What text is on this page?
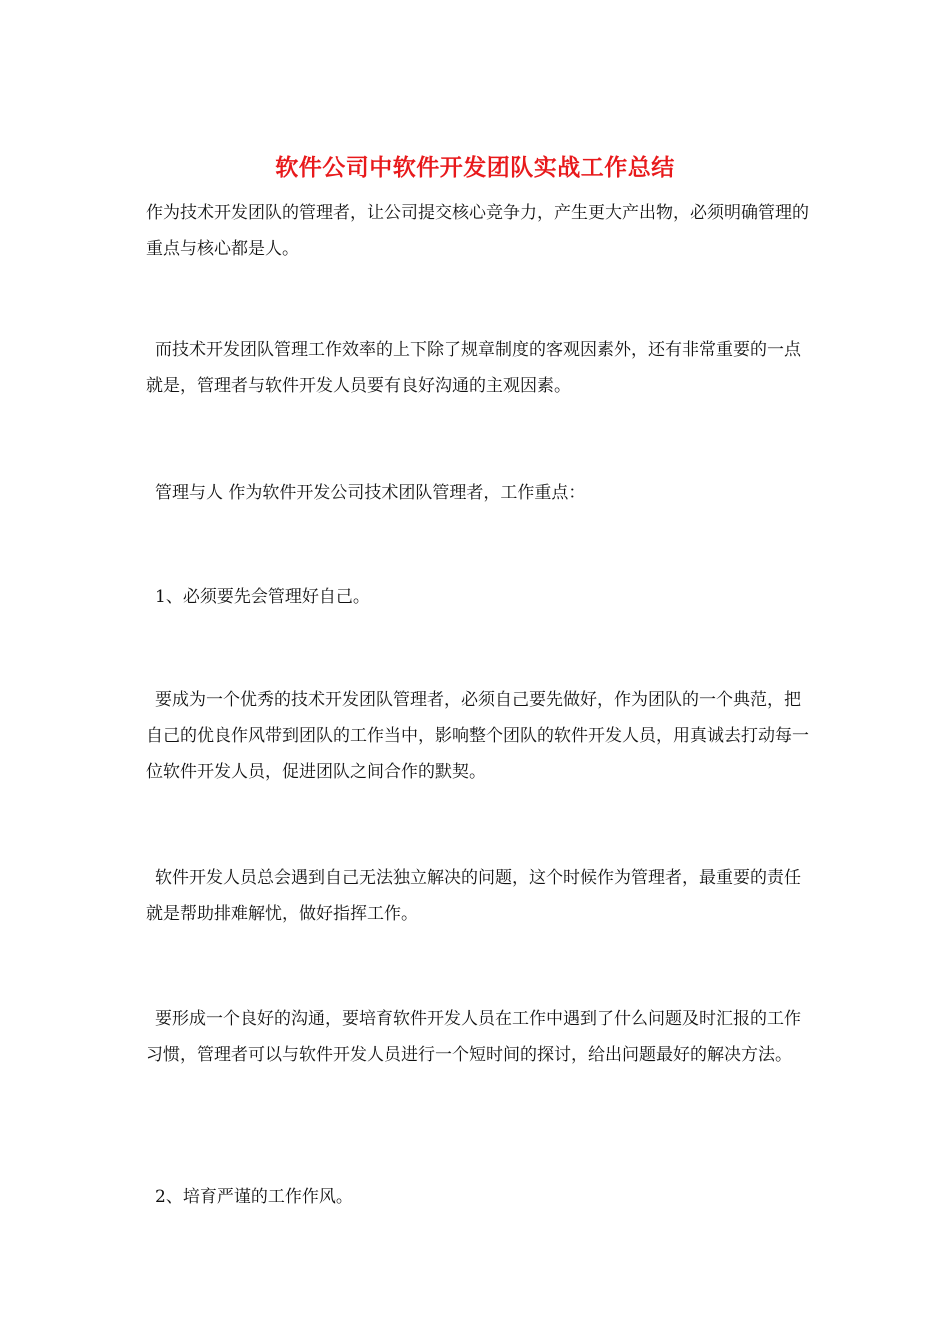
软件公司中软件开发团队实战工作总结

作为技术开发团队的管理者，让公司提交核心竞争力，产生更大产出物，必须明确管理的重点与核心都是人。

而技术开发团队管理工作效率的上下除了规章制度的客观因素外，还有非常重要的一点就是，管理者与软件开发人员要有良好沟通的主观因素。

管理与人 作为软件开发公司技术团队管理者，工作重点：

1、必须要先会管理好自己。

要成为一个优秀的技术开发团队管理者，必须自己要先做好，作为团队的一个典范，把自己的优良作风带到团队的工作当中，影响整个团队的软件开发人员，用真诚去打动每一位软件开发人员，促进团队之间合作的默契。

软件开发人员总会遇到自己无法独立解决的问题，这个时候作为管理者，最重要的责任就是帮助排难解忧，做好指挥工作。

要形成一个良好的沟通，要培育软件开发人员在工作中遇到了什么问题及时汇报的工作习惯，管理者可以与软件开发人员进行一个短时间的探讨，给出问题最好的解决方法。

2、培育严谨的工作作风。
